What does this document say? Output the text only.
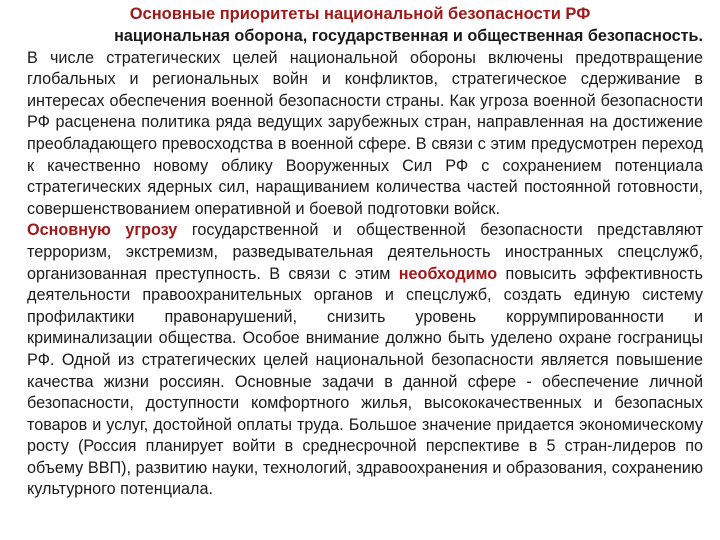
Основные приоритеты национальной безопасности РФ

национальная оборона, государственная и общественная безопасность.

В числе стратегических целей национальной обороны включены предотвращение глобальных и региональных войн и конфликтов, стратегическое сдерживание в интересах обеспечения военной безопасности страны. Как угроза военной безопасности РФ расценена политика ряда ведущих зарубежных стран, направленная на достижение преобладающего превосходства в военной сфере. В связи с этим предусмотрен переход к качественно новому облику Вооруженных Сил РФ с сохранением потенциала стратегических ядерных сил, наращиванием количества частей постоянной готовности, совершенствованием оперативной и боевой подготовки войск.

Основную угрозу государственной и общественной безопасности представляют терроризм, экстремизм, разведывательная деятельность иностранных спецслужб, организованная преступность. В связи с этим необходимо повысить эффективность деятельности правоохранительных органов и спецслужб, создать единую систему профилактики правонарушений, снизить уровень коррумпированности и криминализации общества. Особое внимание должно быть уделено охране госграницы РФ. Одной из стратегических целей национальной безопасности является повышение качества жизни россиян. Основные задачи в данной сфере - обеспечение личной безопасности, доступности комфортного жилья, высококачественных и безопасных товаров и услуг, достойной оплаты труда. Большое значение придается экономическому росту (Россия планирует войти в среднесрочной перспективе в 5 стран-лидеров по объему ВВП), развитию науки, технологий, здравоохранения и образования, сохранению культурного потенциала.
